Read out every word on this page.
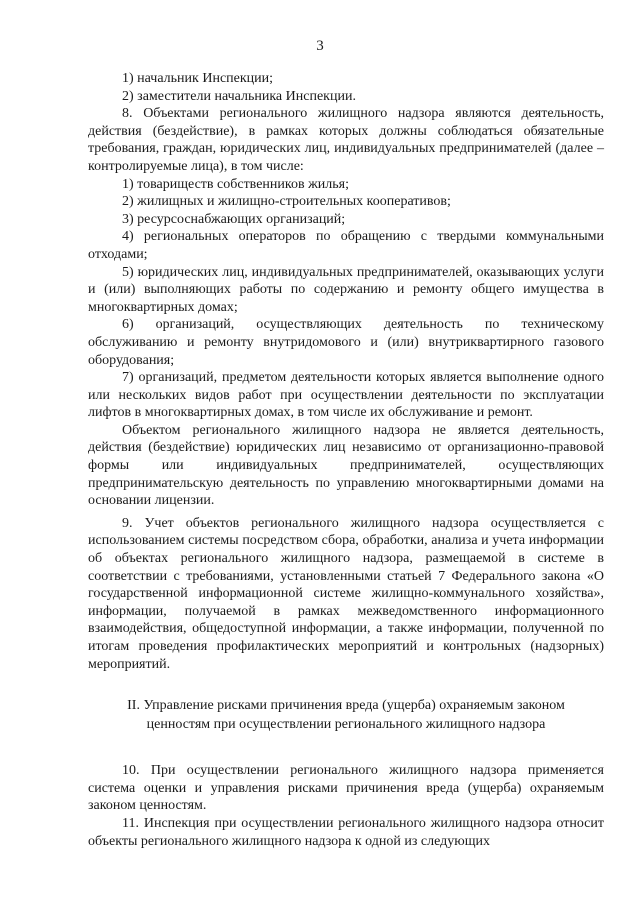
3

1) начальник Инспекции;

2) заместители начальника Инспекции.

8. Объектами регионального жилищного надзора являются деятельность, действия (бездействие), в рамках которых должны соблюдаться обязательные требования, граждан, юридических лиц, индивидуальных предпринимателей (далее – контролируемые лица), в том числе:

1) товариществ собственников жилья;

2) жилищных и жилищно-строительных кооперативов;

3) ресурсоснабжающих организаций;

4) региональных операторов по обращению с твердыми коммунальными отходами;

5) юридических лиц, индивидуальных предпринимателей, оказывающих услуги и (или) выполняющих работы по содержанию и ремонту общего имущества в многоквартирных домах;

6) организаций, осуществляющих деятельность по техническому обслуживанию и ремонту внутридомового и (или) внутриквартирного газового оборудования;

7) организаций, предметом деятельности которых является выполнение одного или нескольких видов работ при осуществлении деятельности по эксплуатации лифтов в многоквартирных домах, в том числе их обслуживание и ремонт.

Объектом регионального жилищного надзора не является деятельность, действия (бездействие) юридических лиц независимо от организационно-правовой формы или индивидуальных предпринимателей, осуществляющих предпринимательскую деятельность по управлению многоквартирными домами на основании лицензии.

9. Учет объектов регионального жилищного надзора осуществляется с использованием системы посредством сбора, обработки, анализа и учета информации об объектах регионального жилищного надзора, размещаемой в системе в соответствии с требованиями, установленными статьей 7 Федерального закона «О государственной информационной системе жилищно-коммунального хозяйства», информации, получаемой в рамках межведомственного информационного взаимодействия, общедоступной информации, а также информации, полученной по итогам проведения профилактических мероприятий и контрольных (надзорных) мероприятий.

II. Управление рисками причинения вреда (ущерба) охраняемым законом
ценностям при осуществлении регионального жилищного надзора

10. При осуществлении регионального жилищного надзора применяется система оценки и управления рисками причинения вреда (ущерба) охраняемым законом ценностям.

11. Инспекция при осуществлении регионального жилищного надзора относит объекты регионального жилищного надзора к одной из следующих
